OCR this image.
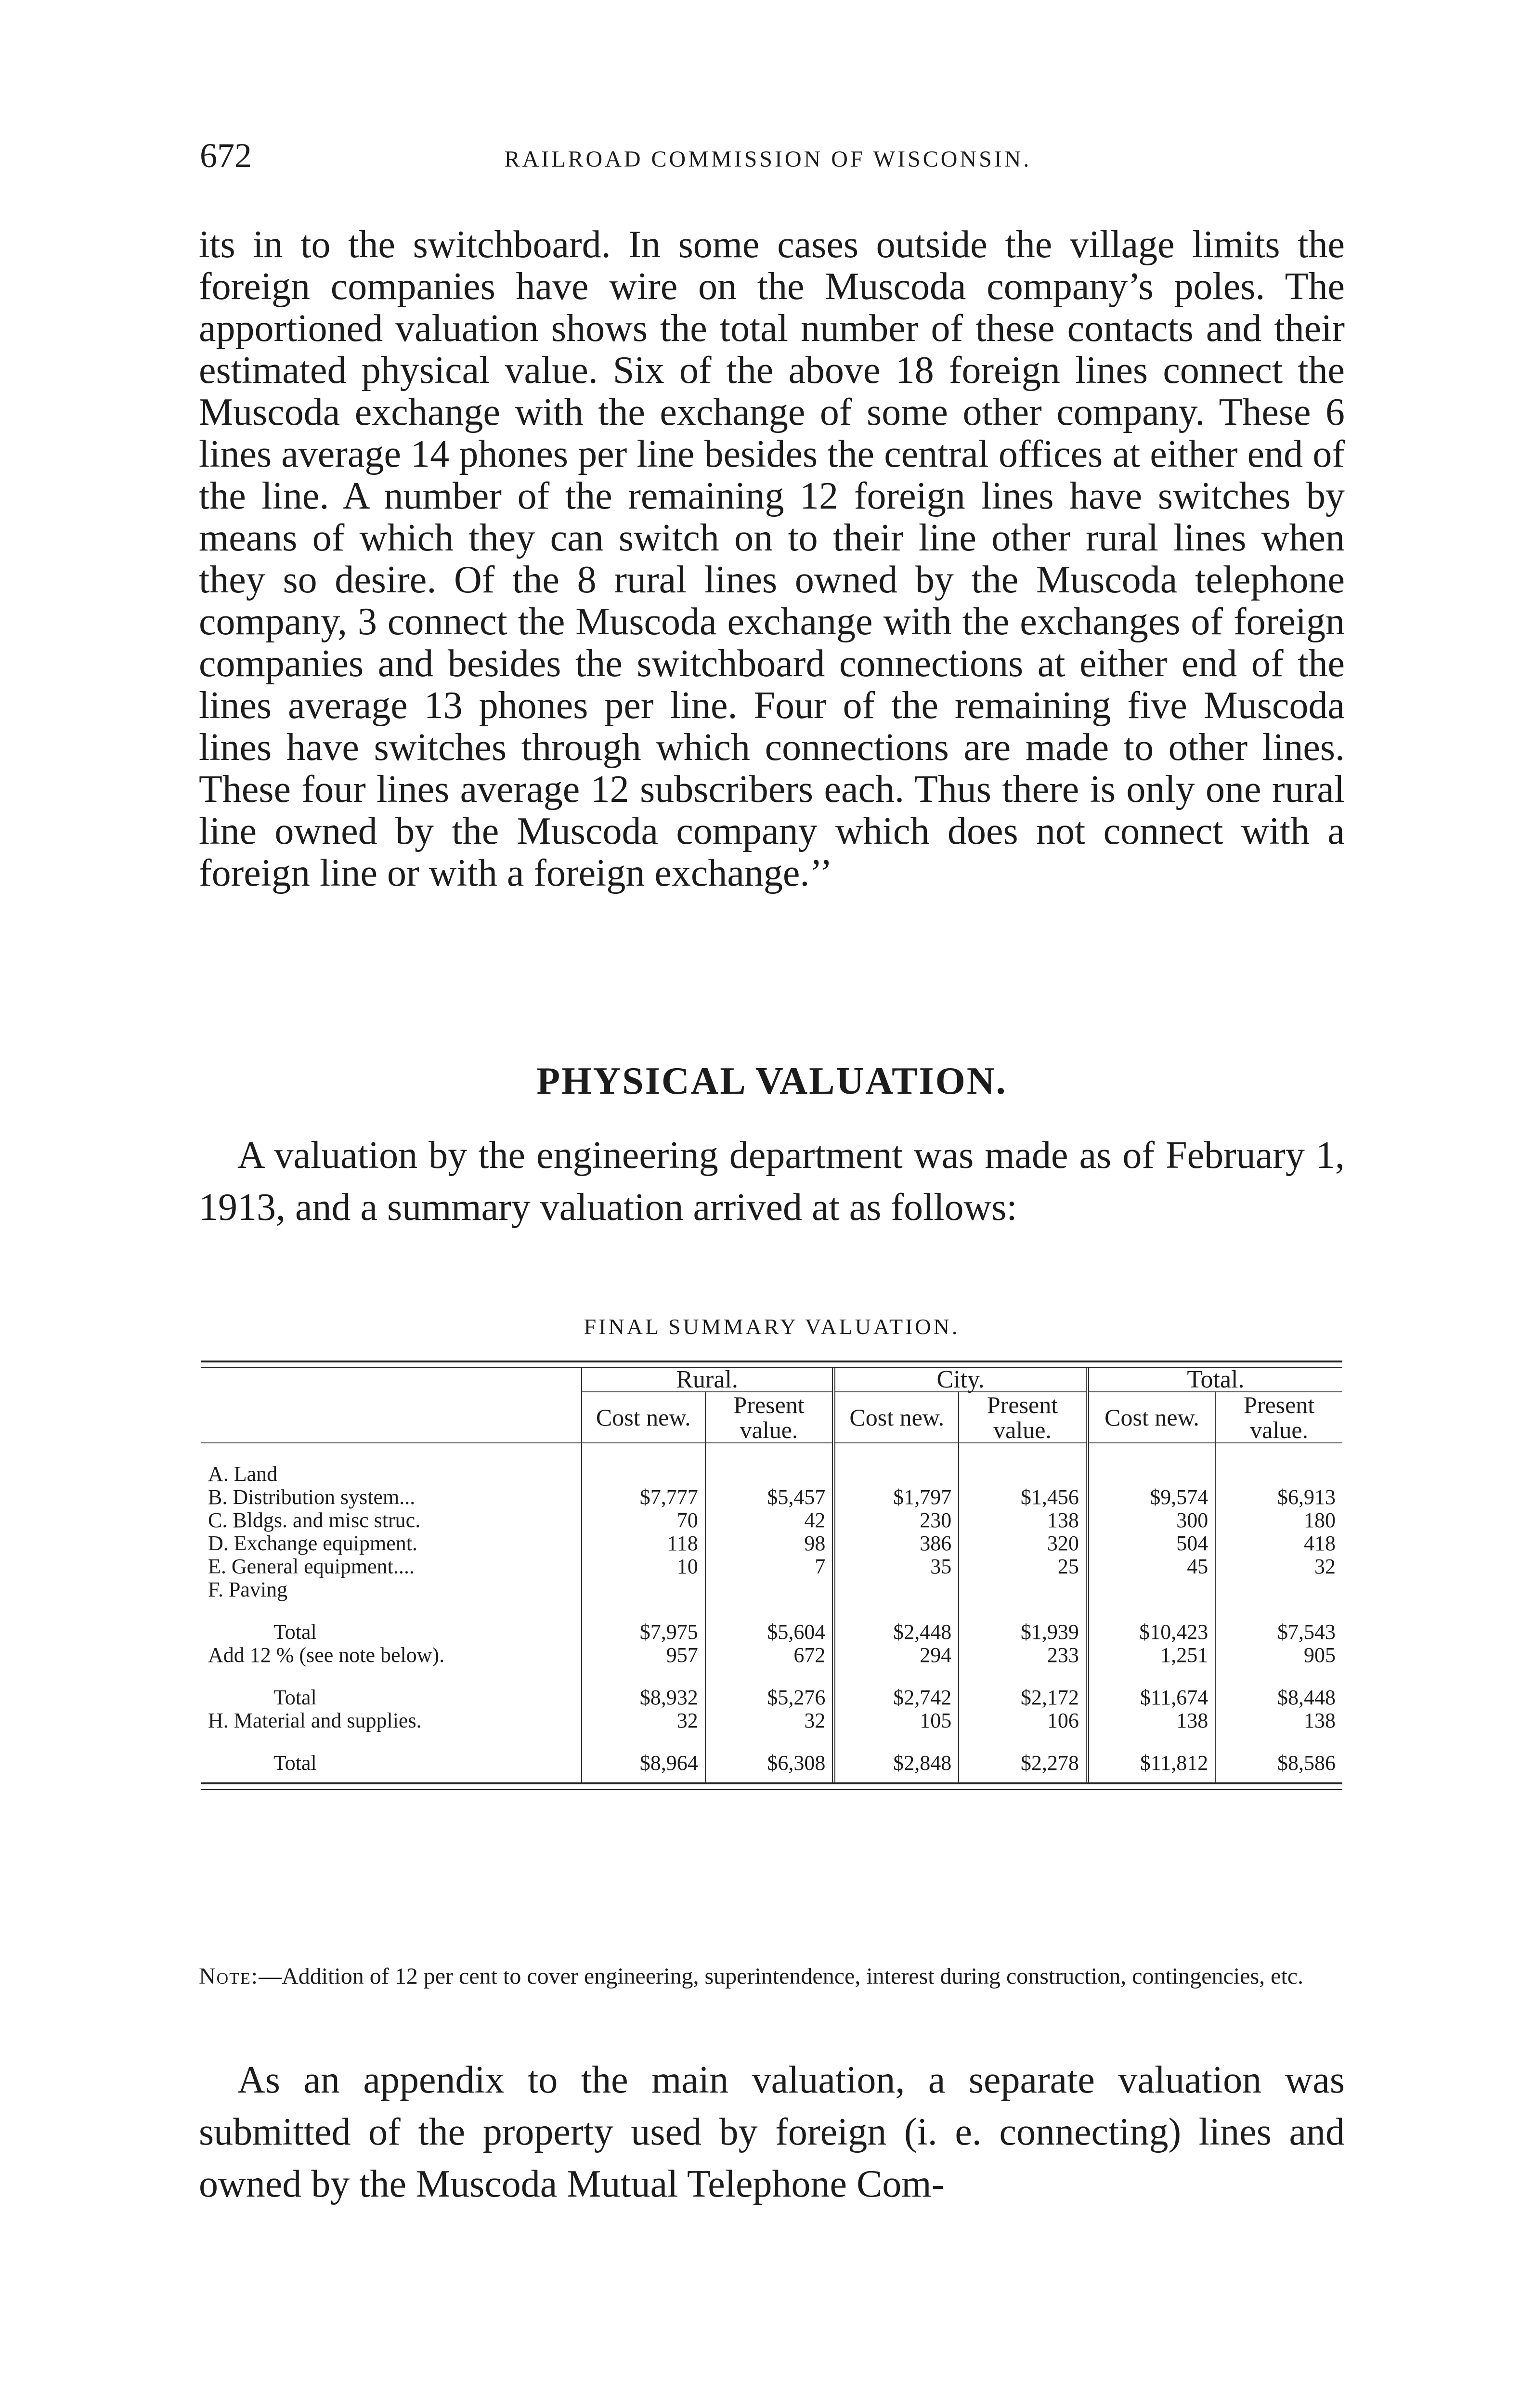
672	RAILROAD COMMISSION OF WISCONSIN.

its in to the switchboard. In some cases outside the village limits the foreign companies have wire on the Muscoda company’s poles. The apportioned valuation shows the total number of these contacts and their estimated physical value. Six of the above 18 foreign lines connect the Muscoda exchange with the exchange of some other company. These 6 lines average 14 phones per line besides the central offices at either end of the line. A number of the remaining 12 foreign lines have switches by means of which they can switch on to their line other rural lines when they so desire. Of the 8 rural lines owned by the Muscoda telephone company, 3 connect the Muscoda exchange with the exchanges of foreign companies and besides the switchboard connections at either end of the lines average 13 phones per line. Four of the remaining five Muscoda lines have switches through which connections are made to other lines. These four lines average 12 subscribers each. Thus there is only one rural line owned by the Muscoda company which does not connect with a foreign line or with a foreign exchange.’’

PHYSICAL VALUATION.

A valuation by the engineering department was made as of February 1, 1913, and a summary valuation arrived at as follows:

FINAL SUMMARY VALUATION.
	Rural.		City.		Total.	
	Cost new.	Present value.	Cost new.	Present value.	Cost new.	Present value.
A. Land						
B. Distribution system...	$7,777	$5,457	$1,797	$1,456	$9,574	$6,913
C. Bldgs. and misc struc.	70	42	230	138	300	180
D. Exchange equipment.	118	98	386	320	504	418
E. General equipment....	10	7	35	25	45	32
F. Paving						
Total	$7,975	$5,604	$2,448	$1,939	$10,423	$7,543
Add 12 % (see note below).	957	672	294	233	1,251	905
Total	$8,932	$5,276	$2,742	$2,172	$11,674	$8,448
H. Material and supplies.	32	32	105	106	138	138
Total	$8,964	$6,308	$2,848	$2,278	$11,812	$8,586
Note:—Addition of 12 per cent to cover engineering, superintendence, interest during construction, contingencies, etc.

As an appendix to the main valuation, a separate valuation was submitted of the property used by foreign (i. e. connecting) lines and owned by the Muscoda Mutual Telephone Com-
